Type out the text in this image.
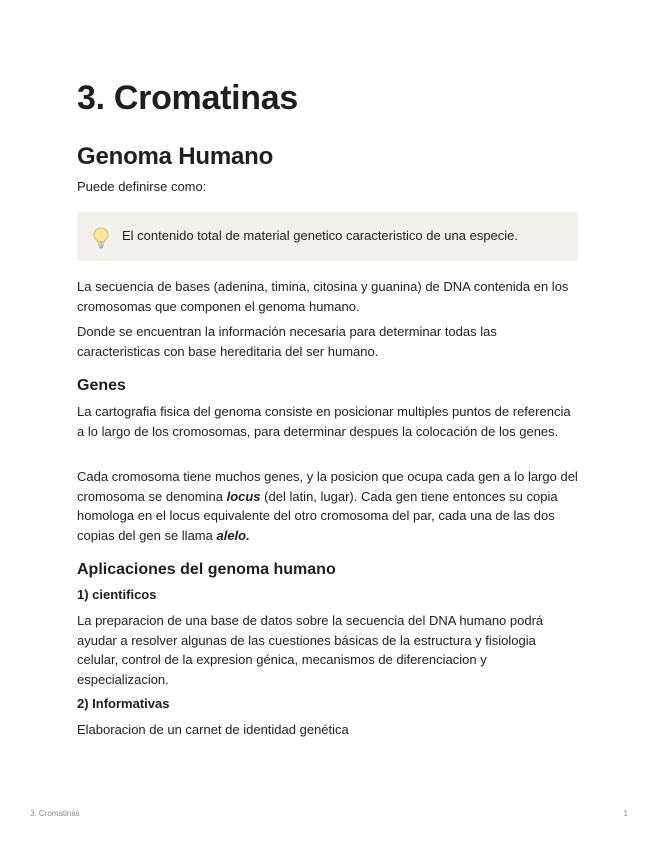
3. Cromatinas
Genoma Humano

Puede definirse como:

El contenido total de material genetico caracteristico de una especie.

La secuencia de bases (adenina, timina, citosina y guanina) de DNA contenida en los cromosomas que componen el genoma humano.

Donde se encuentran la información necesaria para determinar todas las caracteristicas con base hereditaria del ser humano.

Genes

La cartografia fisica del genoma consiste en posicionar multiples puntos de referencia a lo largo de los cromosomas, para determinar despues la colocación de los genes.

Cada cromosoma tiene muchos genes, y la posicion que ocupa cada gen a lo largo del cromosoma se denomina locus (del latin, lugar). Cada gen tiene entonces su copia homologa en el locus equivalente del otro cromosoma del par, cada una de las dos copias del gen se llama alelo.

Aplicaciones del genoma humano
1) cientificos

La preparacion de una base de datos sobre la secuencia del DNA humano podrá ayudar a resolver algunas de las cuestiones básicas de la estructura y fisiologia celular, control de la expresion génica, mecanismos de diferenciacion y especializacion.

2) Informativas

Elaboracion de un carnet de identidad genética

3. Cromatinas	1
